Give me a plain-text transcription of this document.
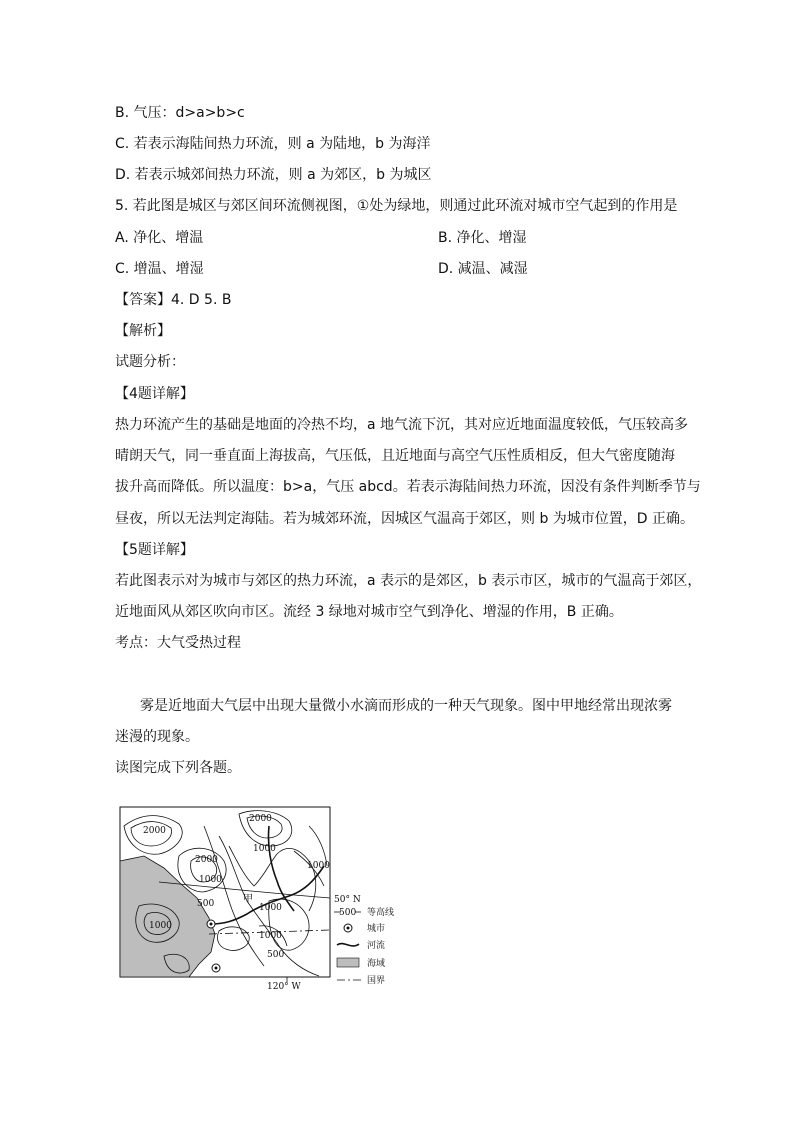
B. 气压：d>a>b>c
C. 若表示海陆间热力环流，则 a 为陆地，b 为海洋
D. 若表示城郊间热力环流，则 a 为郊区，b 为城区
5. 若此图是城区与郊区间环流侧视图，①处为绿地，则通过此环流对城市空气起到的作用是
A. 净化、增温	B. 净化、增湿
C. 增温、增湿	D. 减温、减湿
【答案】4. D 5. B
【解析】
试题分析：
【4题详解】
热力环流产生的基础是地面的冷热不均，a 地气流下沉，其对应近地面温度较低，气压较高多
晴朗天气，同一垂直面上海拔高，气压低，且近地面与高空气压性质相反，但大气密度随海
拔升高而降低。所以温度：b>a，气压 abcd。若表示海陆间热力环流，因没有条件判断季节与
昼夜，所以无法判定海陆。若为城郊环流，因城区气温高于郊区，则 b 为城市位置，D 正确。
【5题详解】
若此图表示对为城市与郊区的热力环流，a 表示的是郊区，b 表示市区，城市的气温高于郊区，
近地面风从郊区吹向市区。流经 3 绿地对城市空气到净化、增湿的作用，B 正确。
考点：大气受热过程
雾是近地面大气层中出现大量微小水滴而形成的一种天气现象。图中甲地经常出现浓雾
迷漫的现象。
读图完成下列各题。
50° N
2000
2000
1000
2000
1000
1000
500	1000
1000
1000
500
甲
120° W
500 等高线
城市
河流
海域
国界
